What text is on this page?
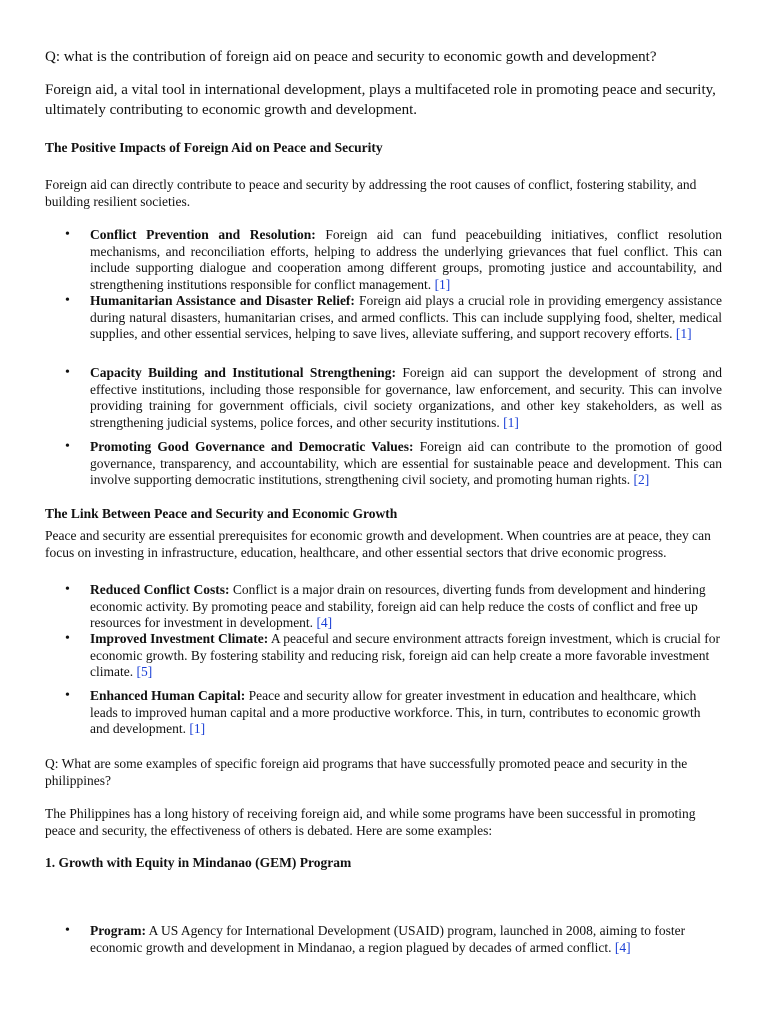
Q: what is the contribution of foreign aid on peace and security to economic gowth and development?
Foreign aid, a vital tool in international development, plays a multifaceted role in promoting peace and security, ultimately contributing to economic growth and development.
The Positive Impacts of Foreign Aid on Peace and Security
Foreign aid can directly contribute to peace and security by addressing the root causes of conflict, fostering stability, and building resilient societies.
• Conflict Prevention and Resolution: Foreign aid can fund peacebuilding initiatives, conflict resolution mechanisms, and reconciliation efforts, helping to address the underlying grievances that fuel conflict. This can include supporting dialogue and cooperation among different groups, promoting justice and accountability, and strengthening institutions responsible for conflict management. [1]
• Humanitarian Assistance and Disaster Relief: Foreign aid plays a crucial role in providing emergency assistance during natural disasters, humanitarian crises, and armed conflicts. This can include supplying food, shelter, medical supplies, and other essential services, helping to save lives, alleviate suffering, and support recovery efforts. [1]
• Capacity Building and Institutional Strengthening: Foreign aid can support the development of strong and effective institutions, including those responsible for governance, law enforcement, and security. This can involve providing training for government officials, civil society organizations, and other key stakeholders, as well as strengthening judicial systems, police forces, and other security institutions. [1]
• Promoting Good Governance and Democratic Values: Foreign aid can contribute to the promotion of good governance, transparency, and accountability, which are essential for sustainable peace and development. This can involve supporting democratic institutions, strengthening civil society, and promoting human rights. [2]
The Link Between Peace and Security and Economic Growth
Peace and security are essential prerequisites for economic growth and development. When countries are at peace, they can focus on investing in infrastructure, education, healthcare, and other essential sectors that drive economic progress.
• Reduced Conflict Costs: Conflict is a major drain on resources, diverting funds from development and hindering economic activity. By promoting peace and stability, foreign aid can help reduce the costs of conflict and free up resources for investment in development. [4]
• Improved Investment Climate: A peaceful and secure environment attracts foreign investment, which is crucial for economic growth. By fostering stability and reducing risk, foreign aid can help create a more favorable investment climate. [5]
• Enhanced Human Capital: Peace and security allow for greater investment in education and healthcare, which leads to improved human capital and a more productive workforce. This, in turn, contributes to economic growth and development. [1]
Q: What are some examples of specific foreign aid programs that have successfully promoted peace and security in the philippines?
The Philippines has a long history of receiving foreign aid, and while some programs have been successful in promoting peace and security, the effectiveness of others is debated. Here are some examples:
1. Growth with Equity in Mindanao (GEM) Program
• Program: A US Agency for International Development (USAID) program, launched in 2008, aiming to foster economic growth and development in Mindanao, a region plagued by decades of armed conflict. [4]
